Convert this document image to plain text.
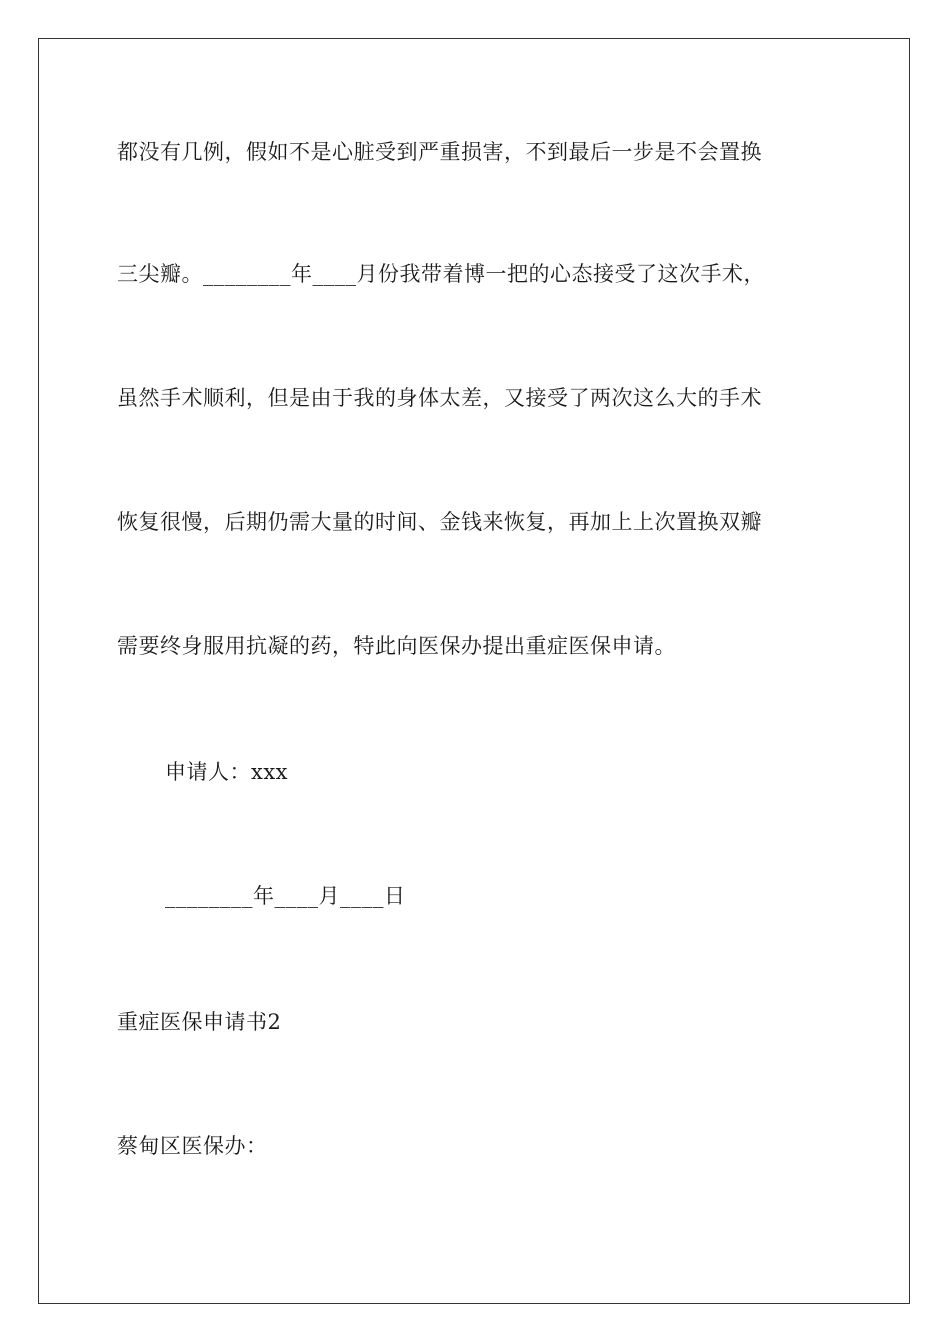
都没有几例，假如不是心脏受到严重损害，不到最后一步是不会置换
三尖瓣。________年____月份我带着博一把的心态接受了这次手术，
虽然手术顺利，但是由于我的身体太差，又接受了两次这么大的手术
恢复很慢，后期仍需大量的时间、金钱来恢复，再加上上次置换双瓣
需要终身服用抗凝的药，特此向医保办提出重症医保申请。
申请人：xxx
________年____月____日
重症医保申请书2
蔡甸区医保办：
